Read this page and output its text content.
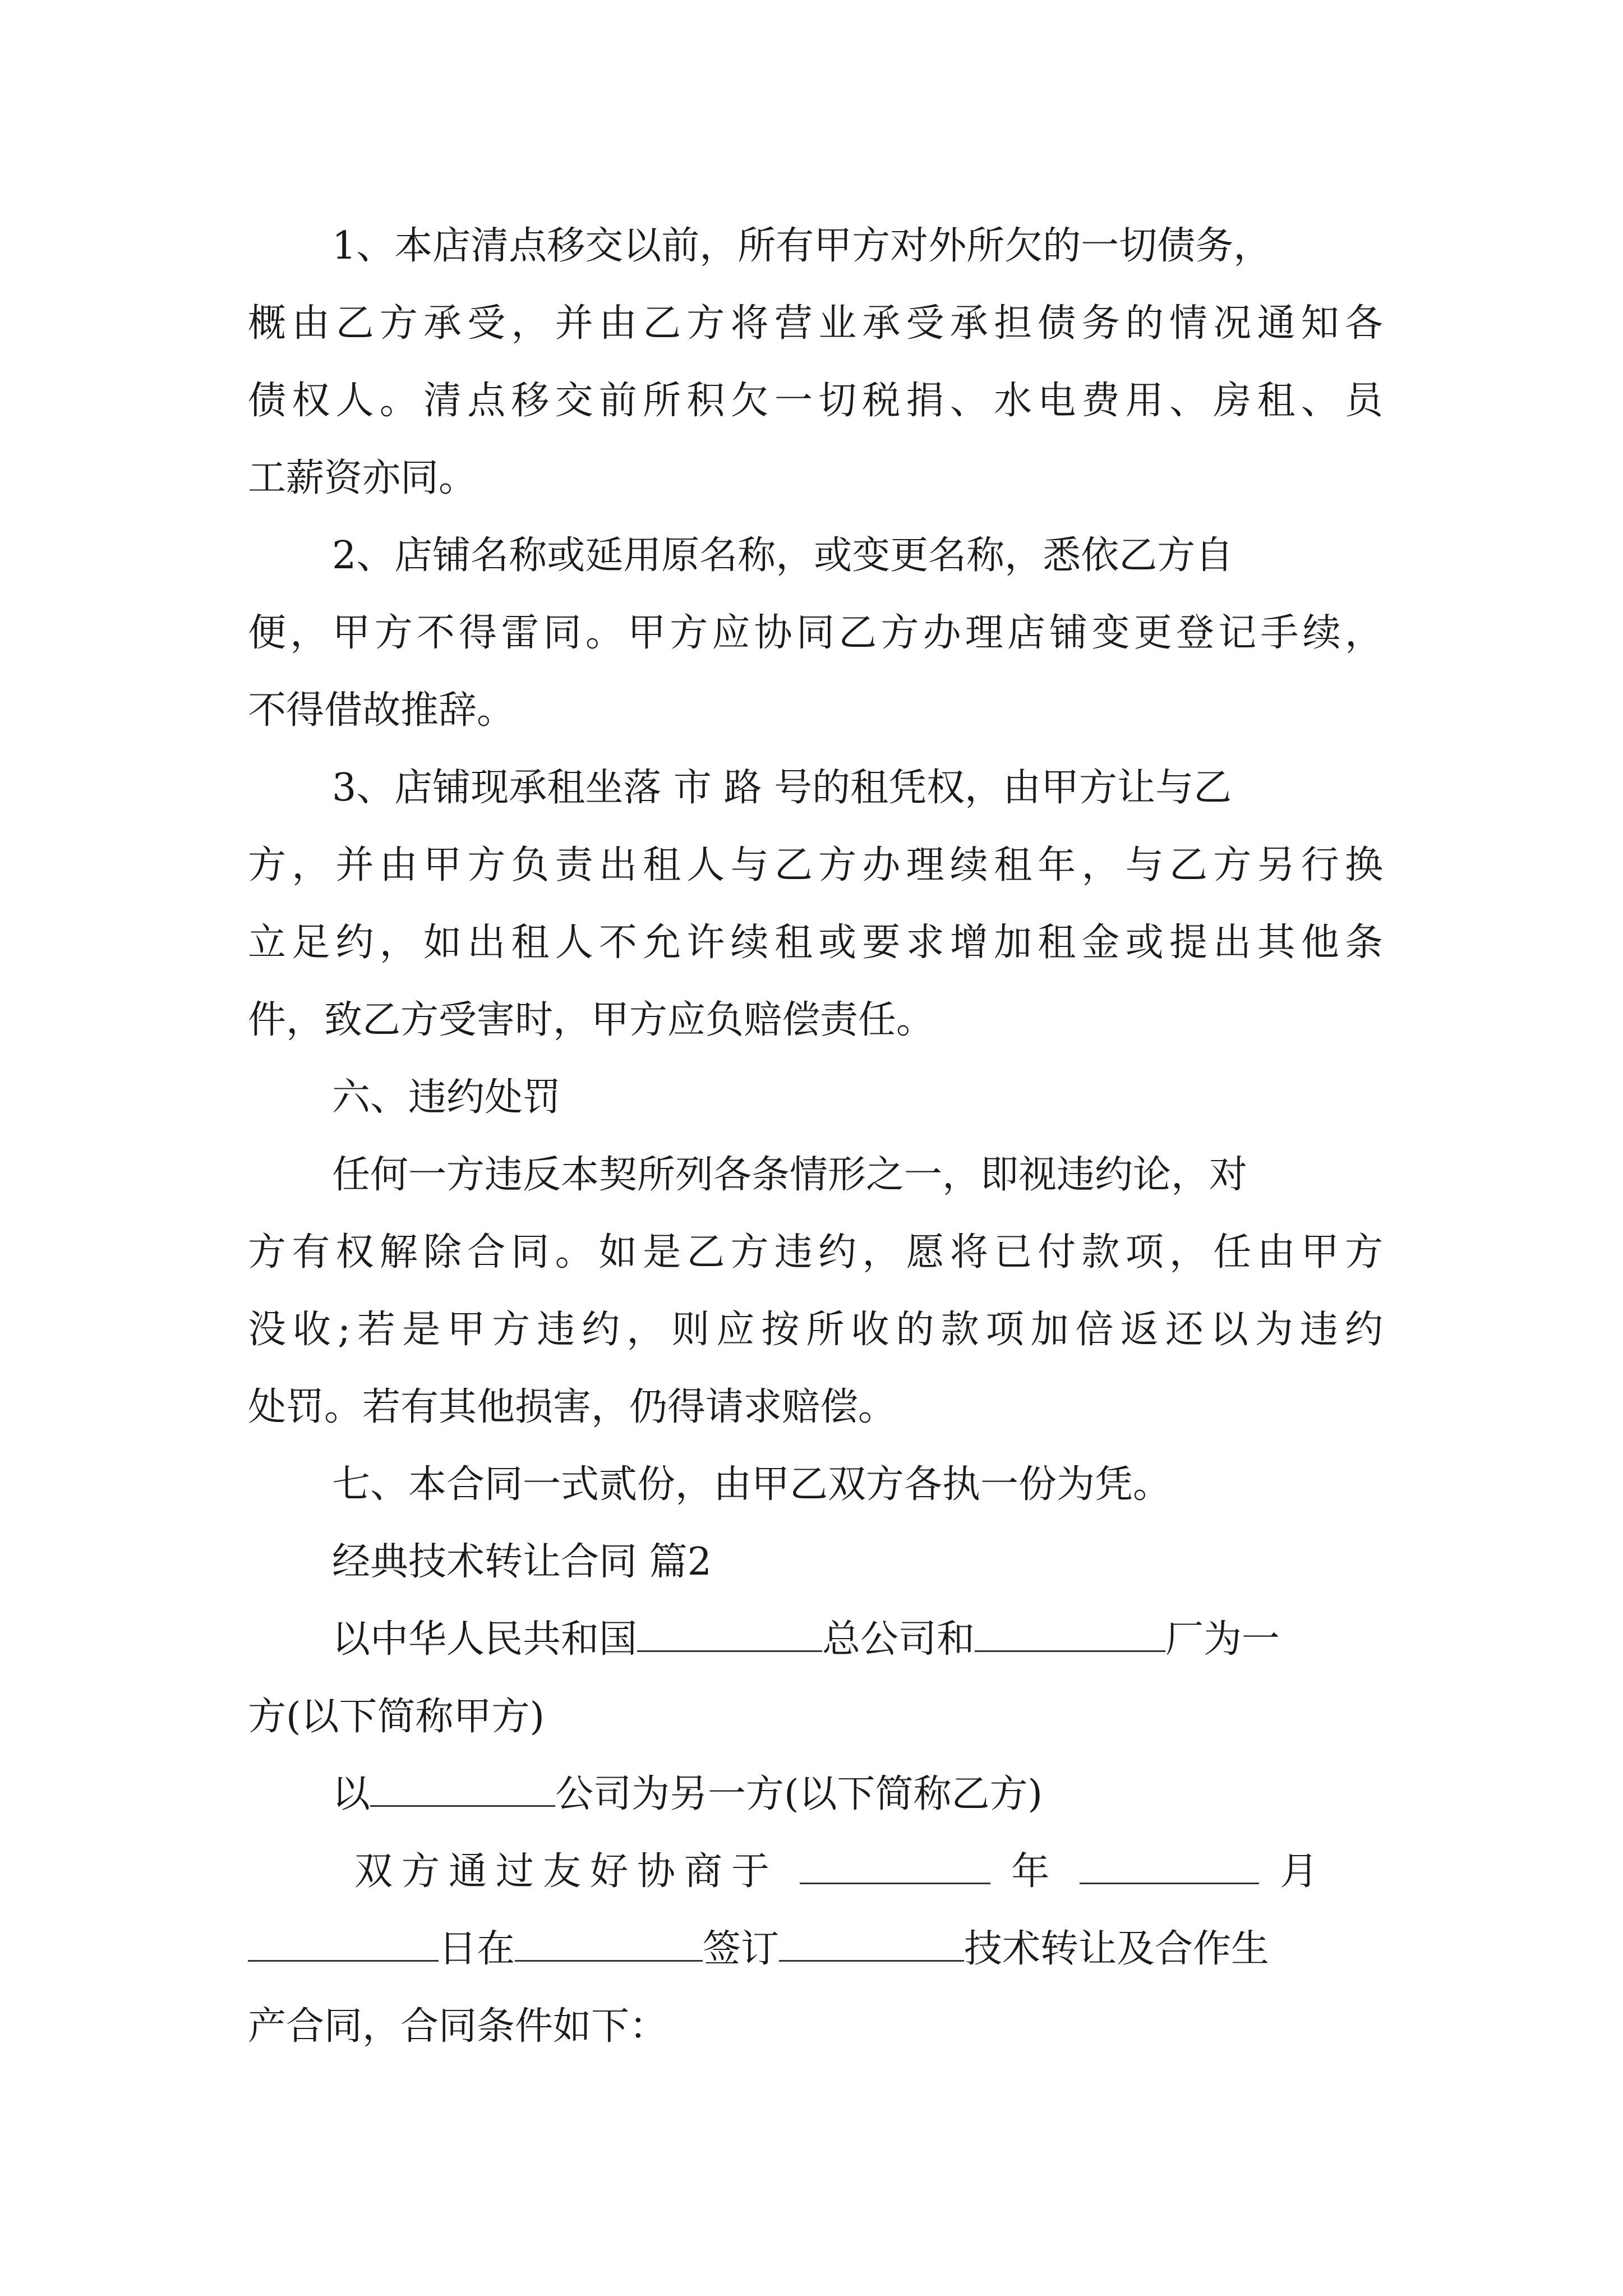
1、本店清点移交以前，所有甲方对外所欠的一切债务，
概由乙方承受，并由乙方将营业承受承担债务的情况通知各
债权人。清点移交前所积欠一切税捐、水电费用、房租、员
工薪资亦同。
2、店铺名称或延用原名称，或变更名称，悉依乙方自
便，甲方不得雷同。甲方应协同乙方办理店铺变更登记手续，
不得借故推辞。
3、店铺现承租坐落 市 路 号的租凭权，由甲方让与乙
方，并由甲方负责出租人与乙方办理续租年，与乙方另行换
立足约，如出租人不允许续租或要求增加租金或提出其他条
件，致乙方受害时，甲方应负赔偿责任。
六、违约处罚
任何一方违反本契所列各条情形之一，即视违约论，对
方有权解除合同。如是乙方违约，愿将已付款项，任由甲方
没收;若是甲方违约，则应按所收的款项加倍返还以为违约
处罚。若有其他损害，仍得请求赔偿。
七、本合同一式贰份，由甲乙双方各执一份为凭。
经典技术转让合同 篇2
以中华人民共和国	总公司和	厂为一
方(以下简称甲方)
以	公司为另一方(以下简称乙方)
双方通过友好协商于	年	月
日在	签订	技术转让及合作生
产合同，合同条件如下：
